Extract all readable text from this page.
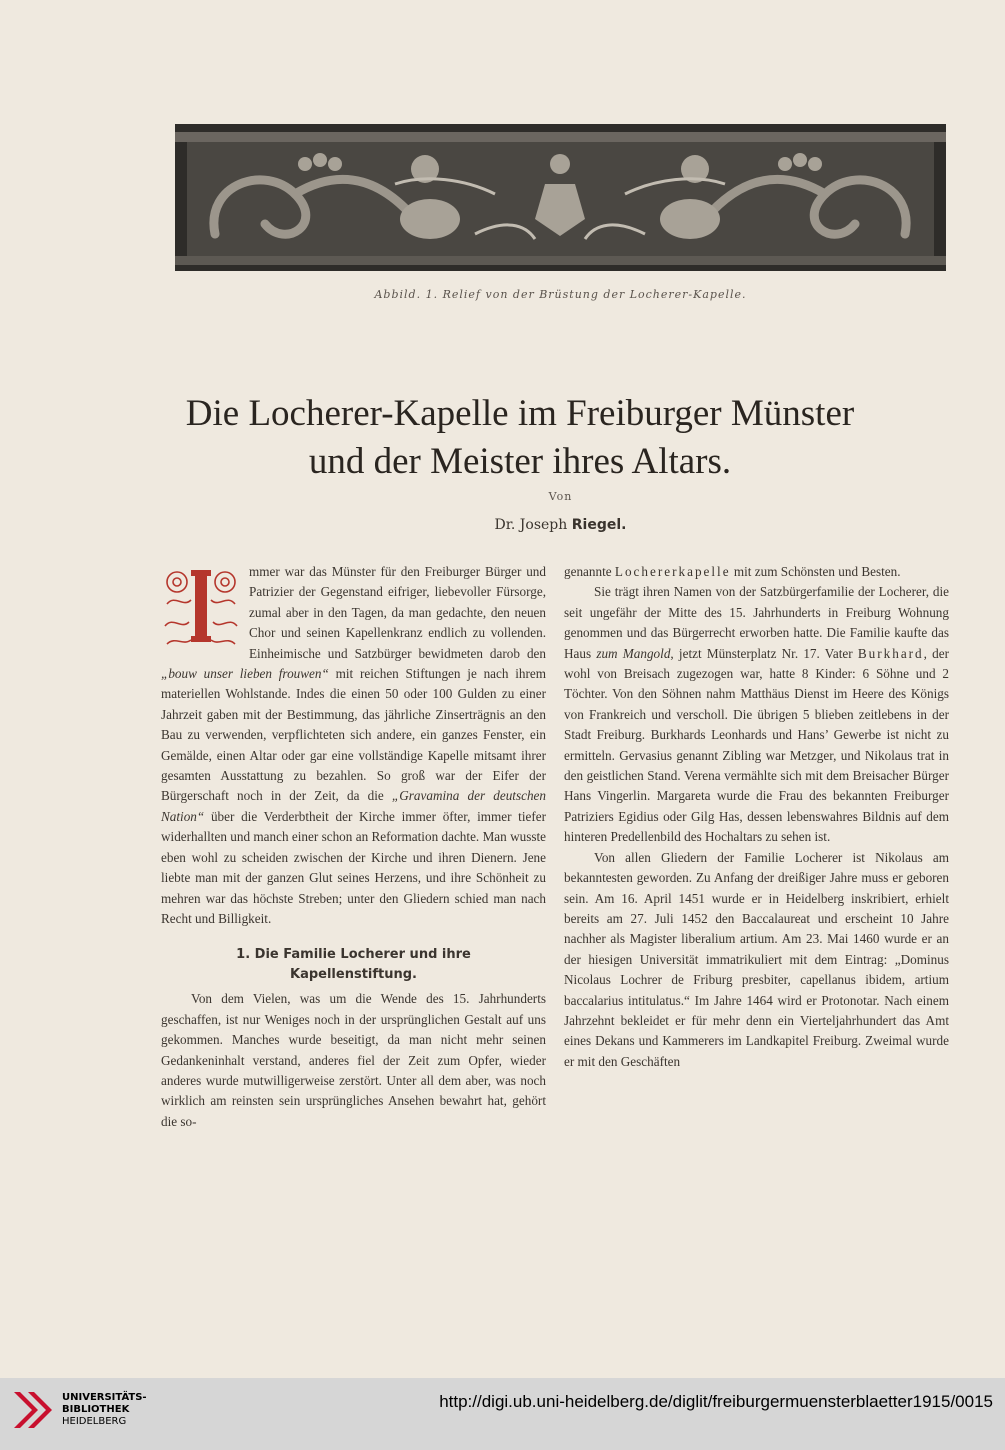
Abbild. 1. Relief von der Brüstung der Locherer-Kapelle.
Die Locherer-Kapelle im Freiburger Münster
und der Meister ihres Altars.
Von
Dr. Joseph Riegel.

mmer war das Münster für den Freiburger Bürger und Patrizier der Gegenstand eifriger, liebevoller Fürsorge, zumal aber in den Tagen, da man gedachte, den neuen Chor und seinen Kapellenkranz endlich zu vollenden. Einheimische und Satzbürger bewidmeten darob den „bouw unser lieben frouwen“ mit reichen Stiftungen je nach ihrem materiellen Wohlstande. Indes die einen 50 oder 100 Gulden zu einer Jahrzeit gaben mit der Bestimmung, das jährliche Zinserträgnis an den Bau zu verwenden, verpflichteten sich andere, ein ganzes Fenster, ein Gemälde, einen Altar oder gar eine vollständige Kapelle mitsamt ihrer gesamten Ausstattung zu bezahlen. So groß war der Eifer der Bürgerschaft noch in der Zeit, da die „Gravamina der deutschen Nation“ über die Verderbtheit der Kirche immer öfter, immer tiefer widerhallten und manch einer schon an Reformation dachte. Man wusste eben wohl zu scheiden zwischen der Kirche und ihren Dienern. Jene liebte man mit der ganzen Glut seines Herzens, und ihre Schönheit zu mehren war das höchste Streben; unter den Gliedern schied man nach Recht und Billigkeit.

1. Die Familie Locherer und ihre
Kapellenstiftung.

Von dem Vielen, was um die Wende des 15. Jahrhunderts geschaffen, ist nur Weniges noch in der ursprünglichen Gestalt auf uns gekommen. Manches wurde beseitigt, da man nicht mehr seinen Gedankeninhalt verstand, anderes fiel der Zeit zum Opfer, wieder anderes wurde mutwilligerweise zerstört. Unter all dem aber, was noch wirklich am reinsten sein ursprüngliches Ansehen bewahrt hat, gehört die so-

genannte Lochererkapelle mit zum Schönsten und Besten.

Sie trägt ihren Namen von der Satzbürgerfamilie der Locherer, die seit ungefähr der Mitte des 15. Jahrhunderts in Freiburg Wohnung genommen und das Bürgerrecht erworben hatte. Die Familie kaufte das Haus zum Mangold, jetzt Münsterplatz Nr. 17. Vater Burkhard, der wohl von Breisach zugezogen war, hatte 8 Kinder: 6 Söhne und 2 Töchter. Von den Söhnen nahm Matthäus Dienst im Heere des Königs von Frankreich und verscholl. Die übrigen 5 blieben zeitlebens in der Stadt Freiburg. Burkhards Leonhards und Hans’ Gewerbe ist nicht zu ermitteln. Gervasius genannt Zibling war Metzger, und Nikolaus trat in den geistlichen Stand. Verena vermählte sich mit dem Breisacher Bürger Hans Vingerlin. Margareta wurde die Frau des bekannten Freiburger Patriziers Egidius oder Gilg Has, dessen lebenswahres Bildnis auf dem hinteren Predellenbild des Hochaltars zu sehen ist.

Von allen Gliedern der Familie Locherer ist Nikolaus am bekanntesten geworden. Zu Anfang der dreißiger Jahre muss er geboren sein. Am 16. April 1451 wurde er in Heidelberg inskribiert, erhielt bereits am 27. Juli 1452 den Baccalaureat und erscheint 10 Jahre nachher als Magister liberalium artium. Am 23. Mai 1460 wurde er an der hiesigen Universität immatrikuliert mit dem Eintrag: „Dominus Nicolaus Lochrer de Friburg presbiter, capellanus ibidem, artium baccalarius intitulatus.“ Im Jahre 1464 wird er Protonotar. Nach einem Jahrzehnt bekleidet er für mehr denn ein Vierteljahrhundert das Amt eines Dekans und Kammerers im Landkapitel Freiburg. Zweimal wurde er mit den Geschäften

UNIVERSITÄTS-
BIBLIOTHEK
HEIDELBERG
http://digi.ub.uni-heidelberg.de/diglit/freiburgermuensterblaetter1915/0015
